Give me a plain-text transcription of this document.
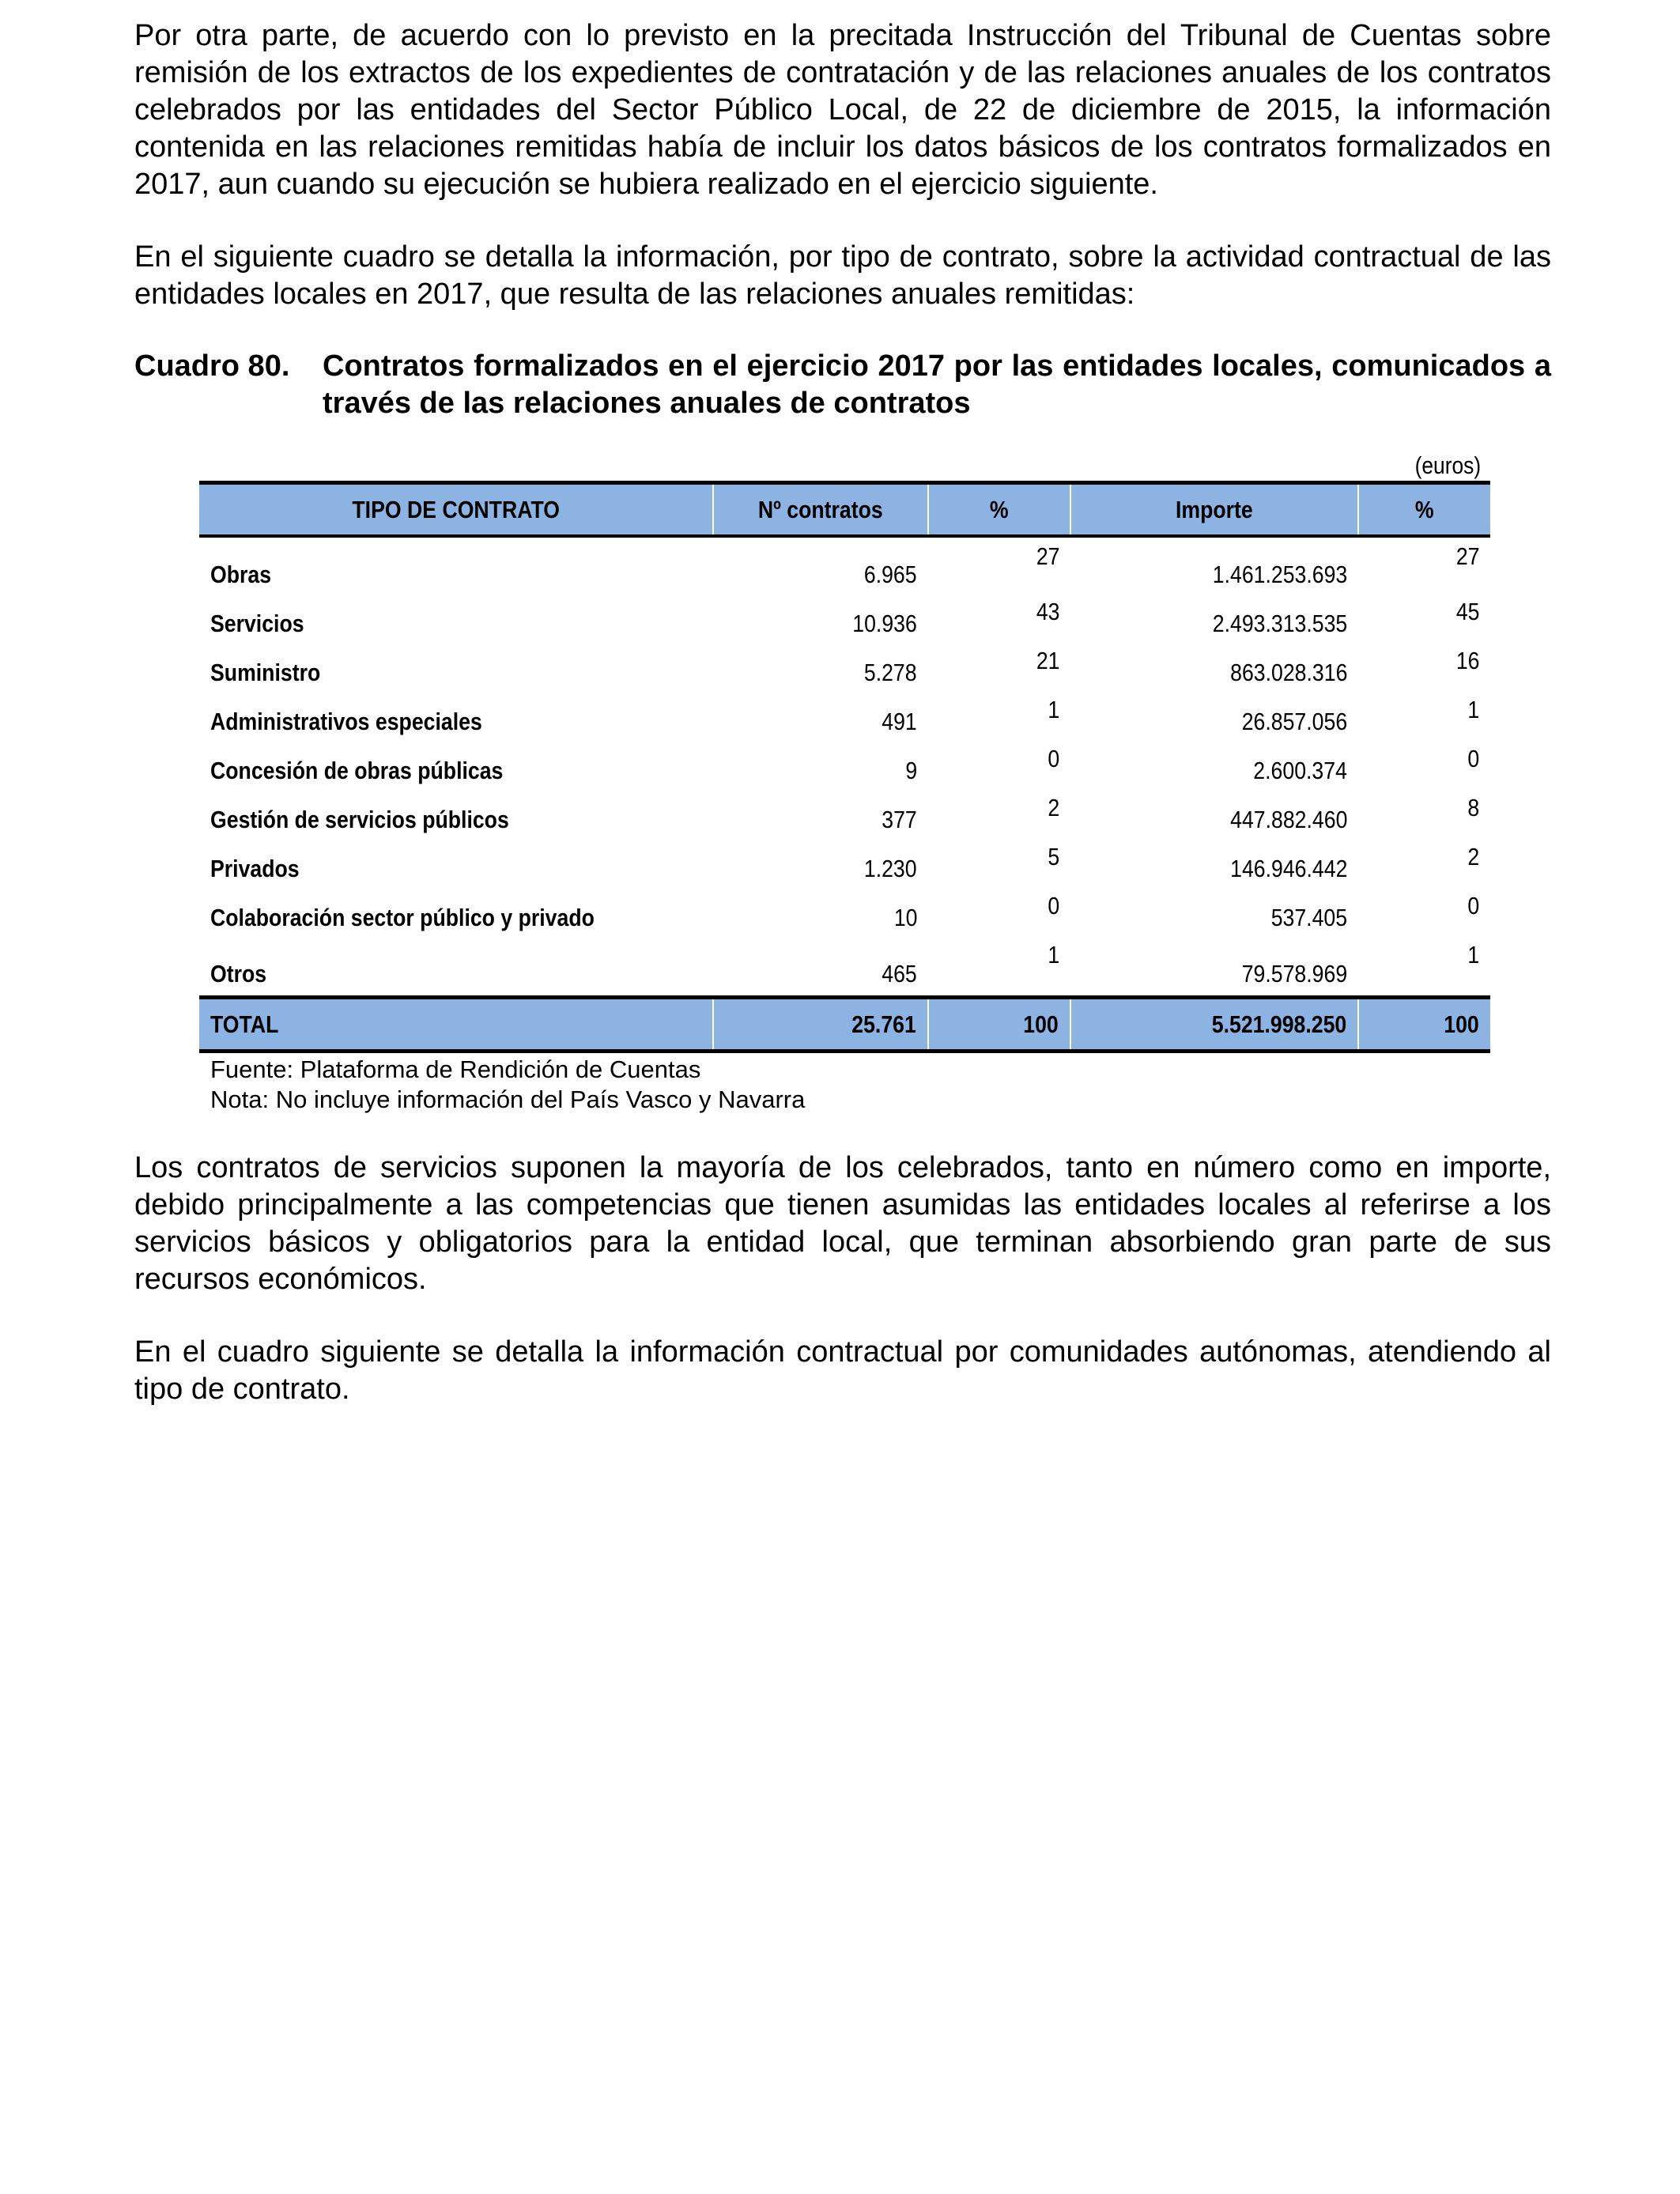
Por otra parte, de acuerdo con lo previsto en la precitada Instrucción del Tribunal de Cuentas sobre remisión de los extractos de los expedientes de contratación y de las relaciones anuales de los contratos celebrados por las entidades del Sector Público Local, de 22 de diciembre de 2015, la información contenida en las relaciones remitidas había de incluir los datos básicos de los contratos formalizados en 2017, aun cuando su ejecución se hubiera realizado en el ejercicio siguiente.

En el siguiente cuadro se detalla la información, por tipo de contrato, sobre la actividad contractual de las entidades locales en 2017, que resulta de las relaciones anuales remitidas:

Cuadro 80.	Contratos formalizados en el ejercicio 2017 por las entidades locales, comunicados a través de las relaciones anuales de contratos
(euros)
TIPO DE CONTRATO	Nº contratos	%	Importe	%
Obras	6.965	27	1.461.253.693	27
Servicios	10.936	43	2.493.313.535	45
Suministro	5.278	21	863.028.316	16
Administrativos especiales	491	1	26.857.056	1
Concesión de obras públicas	9	0	2.600.374	0
Gestión de servicios públicos	377	2	447.882.460	8
Privados	1.230	5	146.946.442	2
Colaboración sector público y privado	10	0	537.405	0
Otros	465	1	79.578.969	1
TOTAL	25.761	100	5.521.998.250	100
Fuente: Plataforma de Rendición de Cuentas
Nota: No incluye información del País Vasco y Navarra

Los contratos de servicios suponen la mayoría de los celebrados, tanto en número como en importe, debido principalmente a las competencias que tienen asumidas las entidades locales al referirse a los servicios básicos y obligatorios para la entidad local, que terminan absorbiendo gran parte de sus recursos económicos.

En el cuadro siguiente se detalla la información contractual por comunidades autónomas, atendiendo al tipo de contrato.
